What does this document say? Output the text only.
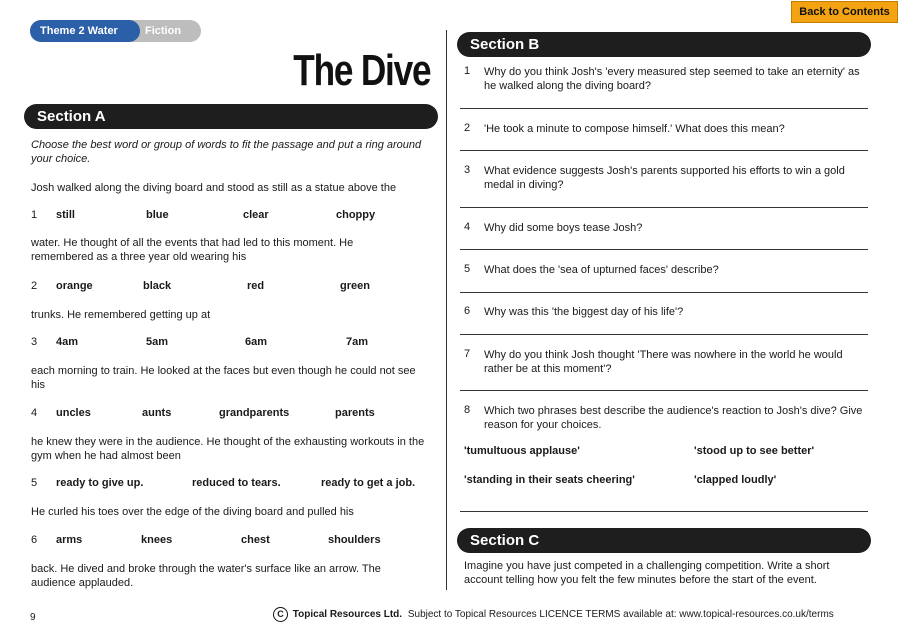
Theme 2 Water	Fiction
Back to Contents
The Dive
Section A
Choose the best word or group of words to fit the passage and put a ring around your choice.
Josh walked along the diving board and stood as still as a statue above the
1 still	blue	clear	choppy
water. He thought of all the events that had led to this moment. He remembered as a three year old wearing his
2 orange	black	red	green
trunks. He remembered getting up at
3 4am	5am	6am	7am
each morning to train. He looked at the faces but even though he could not see his
4 uncles	aunts	grandparents	parents
he knew they were in the audience. He thought of the exhausting workouts in the gym when he had almost been
5 ready to give up.	reduced to tears.	ready to get a job.
He curled his toes over the edge of the diving board and pulled his
6 arms	knees	chest	shoulders
back. He dived and broke through the water's surface like an arrow. The audience applauded.
Section B
1 Why do you think Josh's 'every measured step seemed to take an eternity' as he walked along the diving board?
2 'He took a minute to compose himself.' What does this mean?
3 What evidence suggests Josh's parents supported his efforts to win a gold medal in diving?
4 Why did some boys tease Josh?
5 What does the 'sea of upturned faces' describe?
6 Why was this 'the biggest day of his life'?
7 Why do you think Josh thought 'There was nowhere in the world he would rather be at this moment'?
8 Which two phrases best describe the audience's reaction to Josh's dive? Give reason for your choices.
'tumultuous applause'	'stood up to see better'
'standing in their seats cheering'	'clapped loudly'
Section C
Imagine you have just competed in a challenging competition. Write a short account telling how you felt the few minutes before the start of the event.
9	C Topical Resources Ltd. Subject to Topical Resources LICENCE TERMS available at: www.topical-resources.co.uk/terms
